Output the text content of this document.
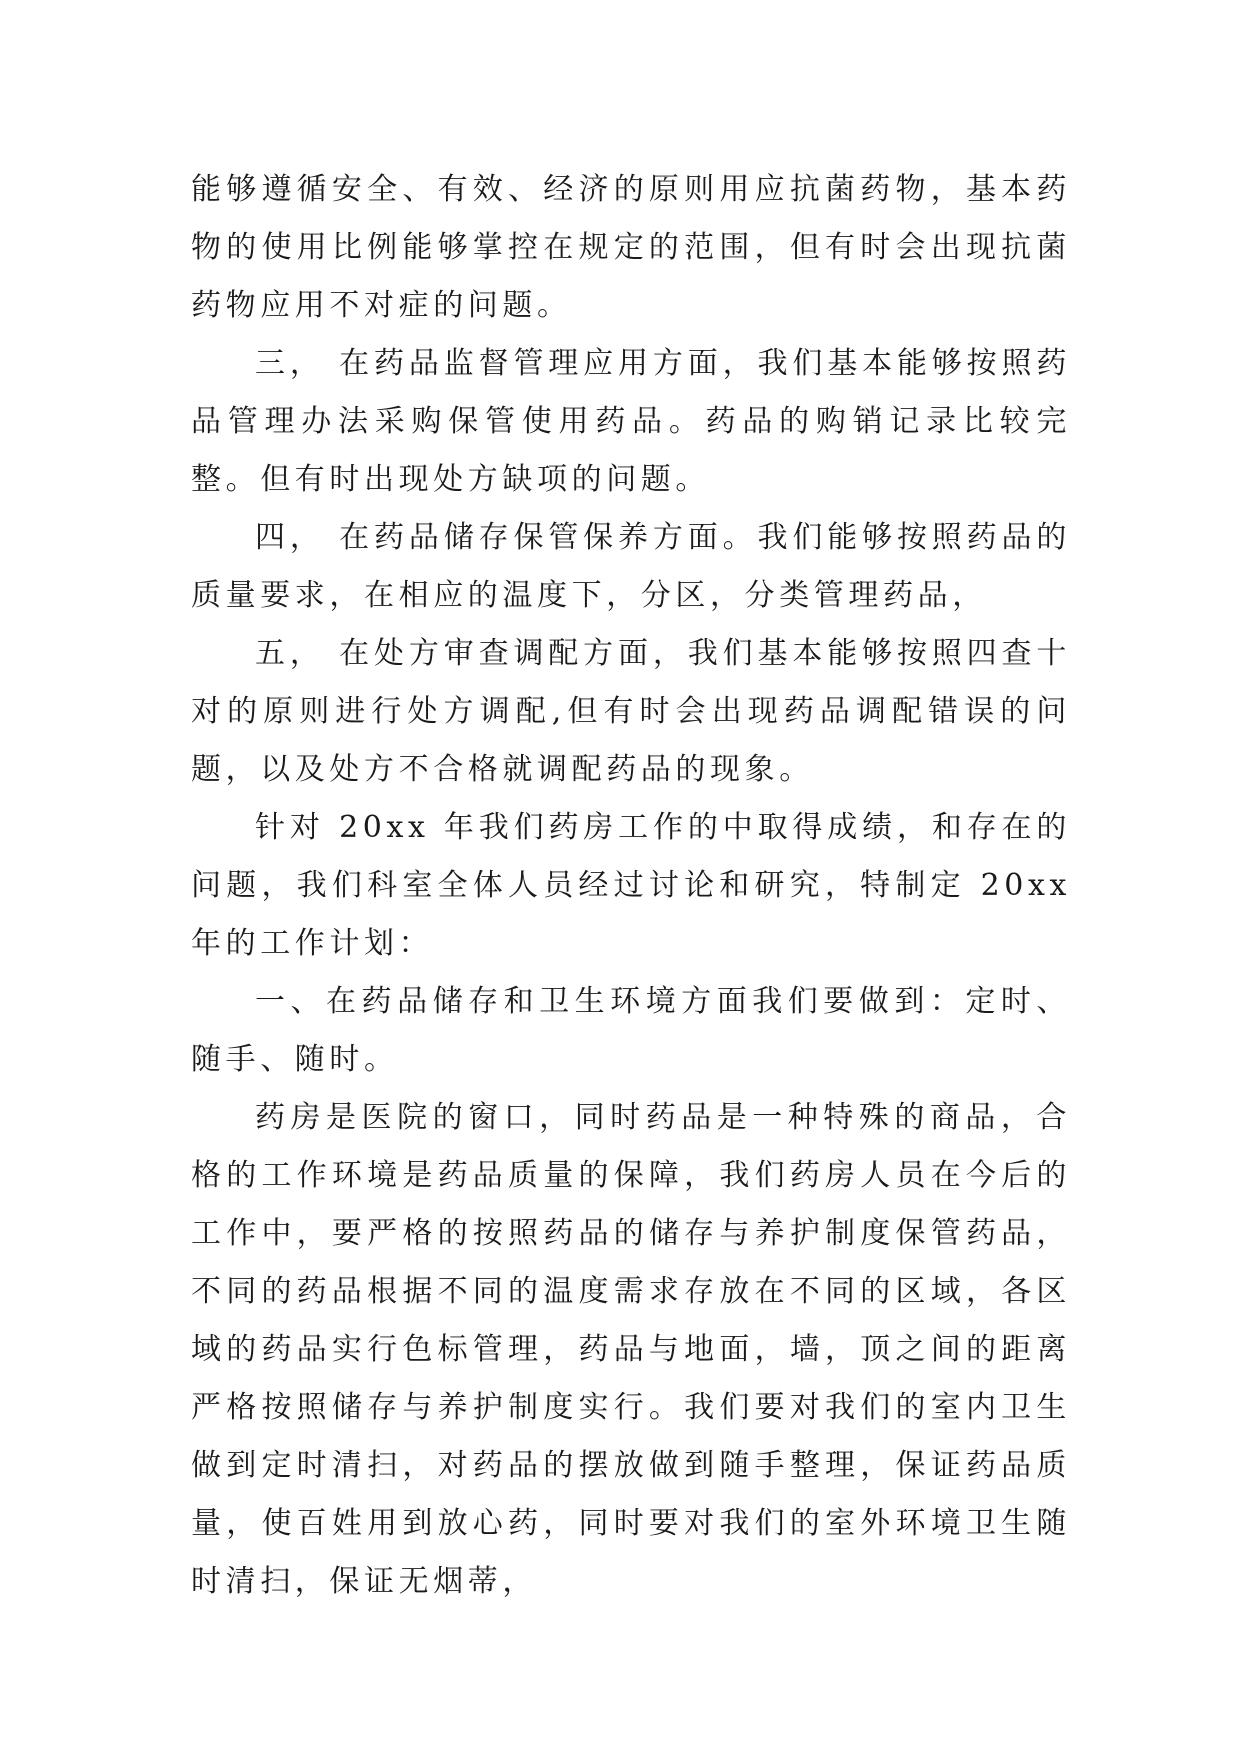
能够遵循安全、有效、经济的原则用应抗菌药物，基本药物的使用比例能够掌控在规定的范围，但有时会出现抗菌药物应用不对症的问题。

三， 在药品监督管理应用方面，我们基本能够按照药品管理办法采购保管使用药品。药品的购销记录比较完整。但有时出现处方缺项的问题。

四， 在药品储存保管保养方面。我们能够按照药品的质量要求，在相应的温度下，分区，分类管理药品，

五， 在处方审查调配方面，我们基本能够按照四查十对的原则进行处方调配,但有时会出现药品调配错误的问题，以及处方不合格就调配药品的现象。

针对 20xx 年我们药房工作的中取得成绩，和存在的问题，我们科室全体人员经过讨论和研究，特制定 20xx 年的工作计划：

一、在药品储存和卫生环境方面我们要做到：定时、随手、随时。

药房是医院的窗口，同时药品是一种特殊的商品，合格的工作环境是药品质量的保障，我们药房人员在今后的工作中，要严格的按照药品的储存与养护制度保管药品，不同的药品根据不同的温度需求存放在不同的区域，各区域的药品实行色标管理，药品与地面，墙，顶之间的距离严格按照储存与养护制度实行。我们要对我们的室内卫生做到定时清扫，对药品的摆放做到随手整理，保证药品质量，使百姓用到放心药，同时要对我们的室外环境卫生随时清扫，保证无烟蒂，
